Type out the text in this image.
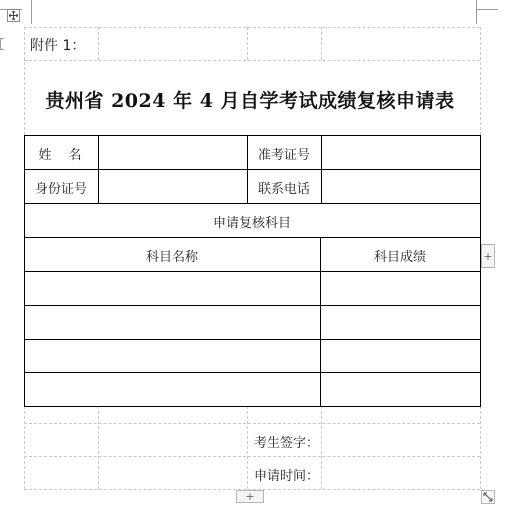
附件 1：
贵州省 2024 年 4 月自学考试成绩复核申请表
姓　名	准考证号
身份证号	联系电话
申请复核科目
科目名称	科目成绩
考生签字：
申请时间：
+
+
